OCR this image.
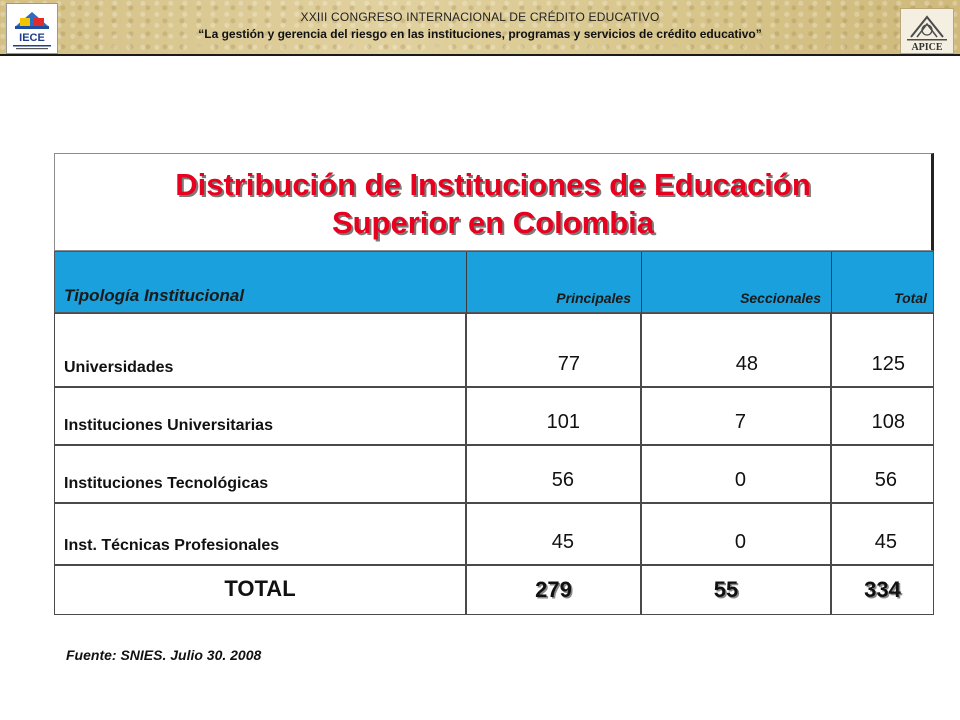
IECE
XXIII CONGRESO INTERNACIONAL DE CRÉDITO EDUCATIVO
“La gestión y gerencia del riesgo en las instituciones, programas y servicios de crédito educativo”
APICE
Distribución de Instituciones de Educación
Superior en Colombia
Tipología Institucional	Principales	Seccionales	Total
Universidades	77	48	125
Instituciones Universitarias	101	7	108
Instituciones Tecnológicas	56	0	56
Inst. Técnicas Profesionales	45	0	45
TOTAL	279	55	334
Fuente: SNIES. Julio 30. 2008
